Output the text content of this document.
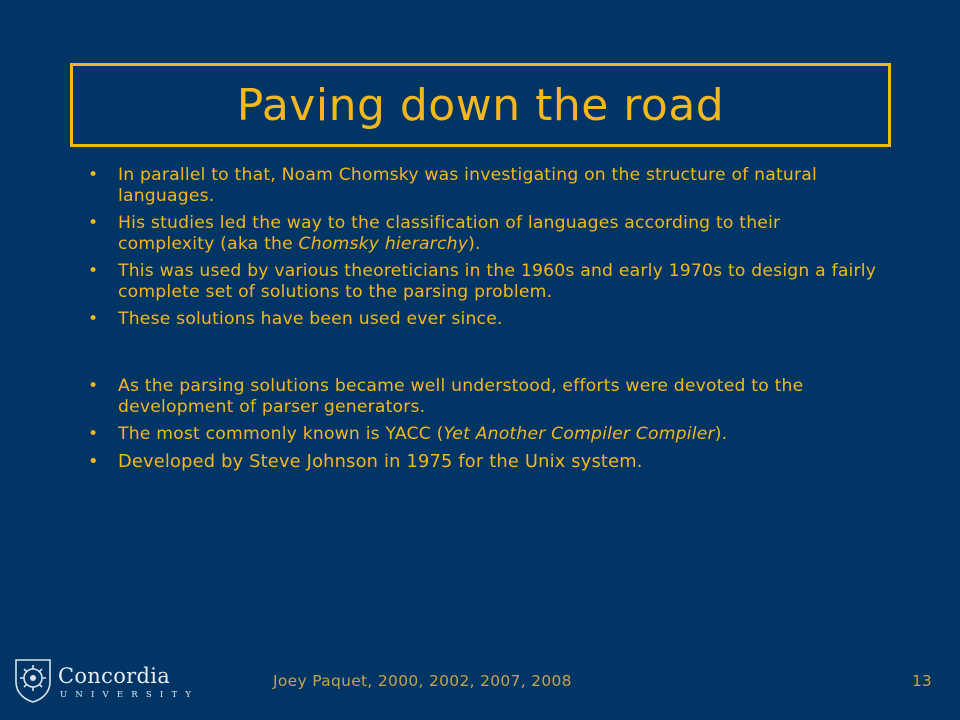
Paving down the road
• In parallel to that, Noam Chomsky was investigating on the structure of natural languages.
• His studies led the way to the classification of languages according to their complexity (aka the Chomsky hierarchy).
• This was used by various theoreticians in the 1960s and early 1970s to design a fairly complete set of solutions to the parsing problem.
• These solutions have been used ever since.
• As the parsing solutions became well understood, efforts were devoted to the development of parser generators.
• The most commonly known is YACC (Yet Another Compiler Compiler).
• Developed by Steve Johnson in 1975 for the Unix system.
Concordia
UNIVERSITY
Joey Paquet, 2000, 2002, 2007, 2008	13
